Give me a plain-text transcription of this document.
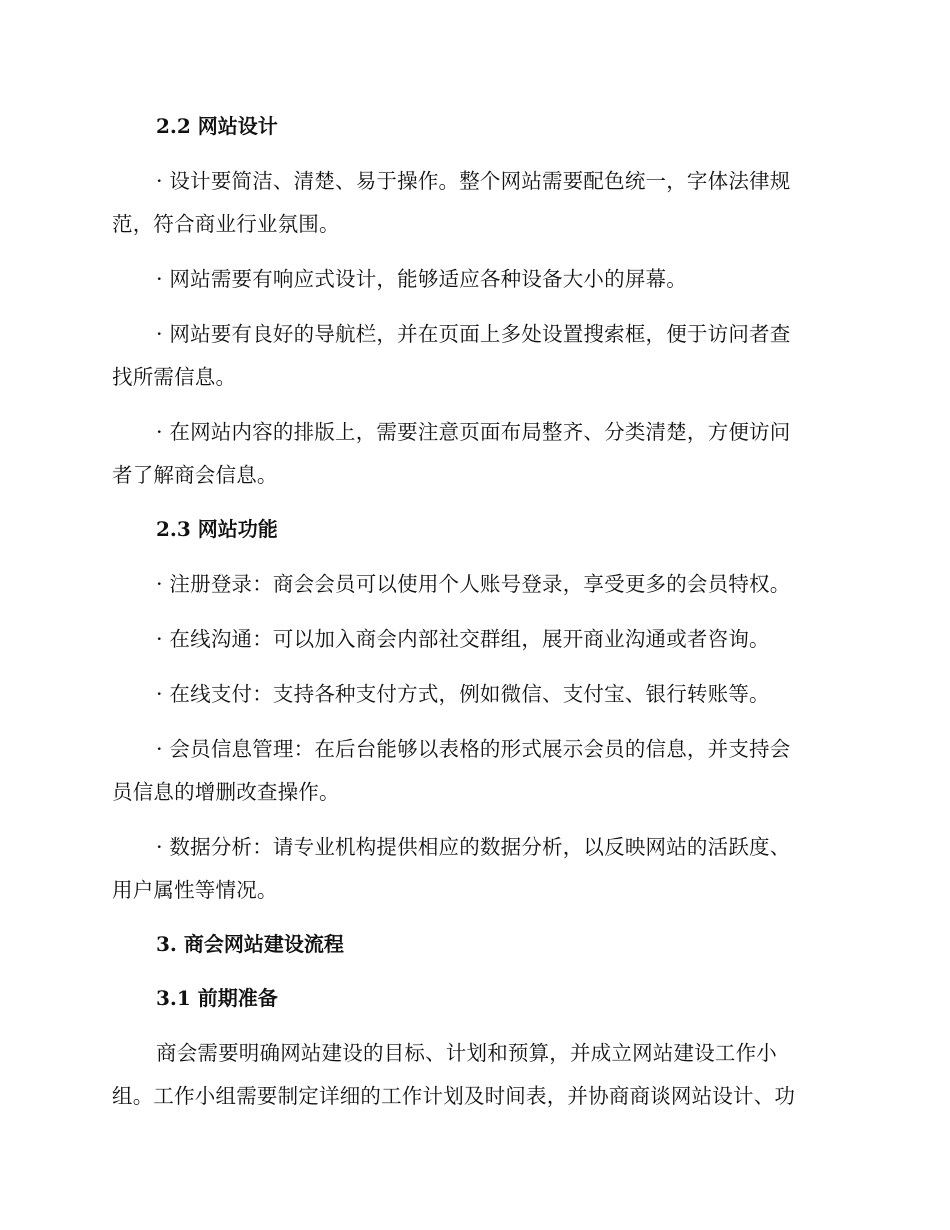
2.2 网站设计

· 设计要简洁、清楚、易于操作。整个网站需要配色统一，字体法律规
范，符合商业行业氛围。

· 网站需要有响应式设计，能够适应各种设备大小的屏幕。

· 网站要有良好的导航栏，并在页面上多处设置搜索框，便于访问者查
找所需信息。

· 在网站内容的排版上，需要注意页面布局整齐、分类清楚，方便访问
者了解商会信息。

2.3 网站功能

· 注册登录：商会会员可以使用个人账号登录，享受更多的会员特权。

· 在线沟通：可以加入商会内部社交群组，展开商业沟通或者咨询。

· 在线支付：支持各种支付方式，例如微信、支付宝、银行转账等。

· 会员信息管理：在后台能够以表格的形式展示会员的信息，并支持会
员信息的增删改查操作。

· 数据分析：请专业机构提供相应的数据分析，以反映网站的活跃度、
用户属性等情况。

3. 商会网站建设流程
3.1 前期准备

商会需要明确网站建设的目标、计划和预算，并成立网站建设工作小
组。工作小组需要制定详细的工作计划及时间表，并协商商谈网站设计、功
